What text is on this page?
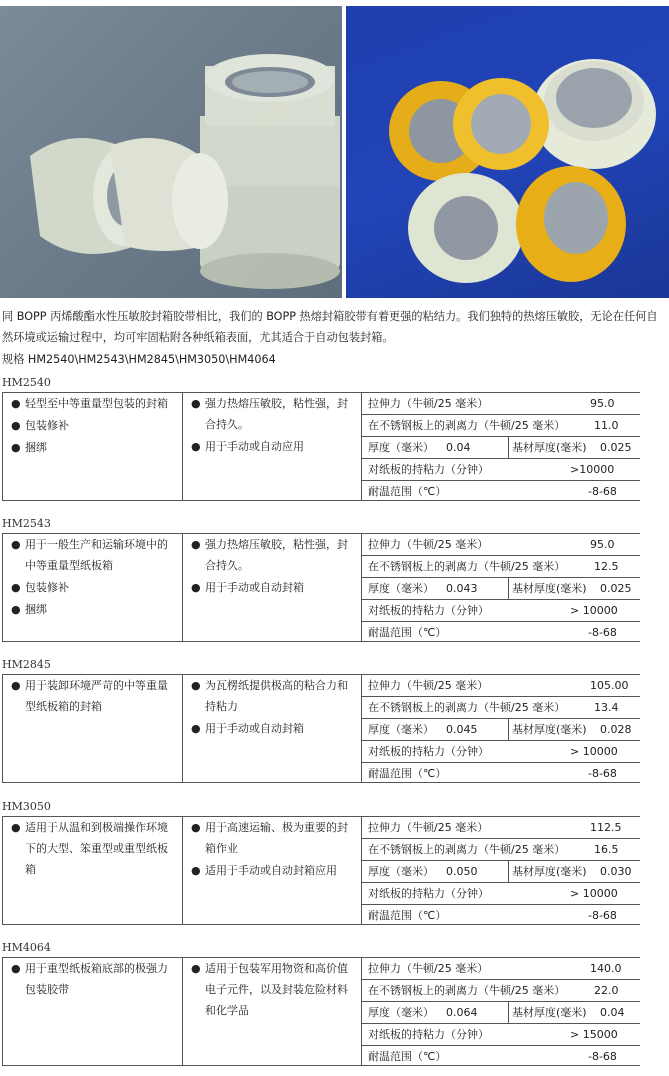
同 BOPP 丙烯酸酯水性压敏胶封箱胶带相比，我们的 BOPP 热熔封箱胶带有着更强的粘结力。我们独特的热熔压敏胶，无论在任何自然环境或运输过程中，均可牢固粘附各种纸箱表面，尤其适合于自动包装封箱。
规格 HM2540\HM2543\HM2845\HM3050\HM4064
HM2540
● 轻型至中等重量型包装的封箱
● 包装修补
● 捆绑
● 强力热熔压敏胶，粘性强，封合持久。
● 用于手动或自动应用
拉伸力（牛顿/25 毫米）	95.0
在不锈钢板上的剥离力（牛顿/25 毫米）	11.0
厚度（毫米） 0.04	基材厚度(毫米) 0.025
对纸板的持粘力（分钟）	>10000
耐温范围（℃）	-8-68
HM2543
● 用于一般生产和运输环境中的中等重量型纸板箱
● 包装修补
● 捆绑
● 强力热熔压敏胶，粘性强，封合持久。
● 用于手动或自动封箱
拉伸力（牛顿/25 毫米）	95.0
在不锈钢板上的剥离力（牛顿/25 毫米）	12.5
厚度（毫米） 0.043	基材厚度(毫米) 0.025
对纸板的持粘力（分钟）	> 10000
耐温范围（℃）	-8-68
HM2845
● 用于装卸环境严苛的中等重量型纸板箱的封箱
● 为瓦楞纸提供极高的粘合力和持粘力
● 用于手动或自动封箱
拉伸力（牛顿/25 毫米）	105.00
在不锈钢板上的剥离力（牛顿/25 毫米）	13.4
厚度（毫米） 0.045	基材厚度(毫米) 0.028
对纸板的持粘力（分钟）	> 10000
耐温范围（℃）	-8-68
HM3050
● 适用于从温和到极端操作环境下的大型、笨重型或重型纸板箱
● 用于高速运输、极为重要的封箱作业
● 适用于手动或自动封箱应用
拉伸力（牛顿/25 毫米）	112.5
在不锈钢板上的剥离力（牛顿/25 毫米）	16.5
厚度（毫米） 0.050	基材厚度(毫米) 0.030
对纸板的持粘力（分钟）	> 10000
耐温范围（℃）	-8-68
HM4064
● 用于重型纸板箱底部的极强力包装胶带
● 适用于包装军用物资和高价值电子元件，以及封装危险材料和化学品
拉伸力（牛顿/25 毫米）	140.0
在不锈钢板上的剥离力（牛顿/25 毫米）	22.0
厚度（毫米） 0.064	基材厚度(毫米) 0.04
对纸板的持粘力（分钟）	> 15000
耐温范围（℃）	-8-68
